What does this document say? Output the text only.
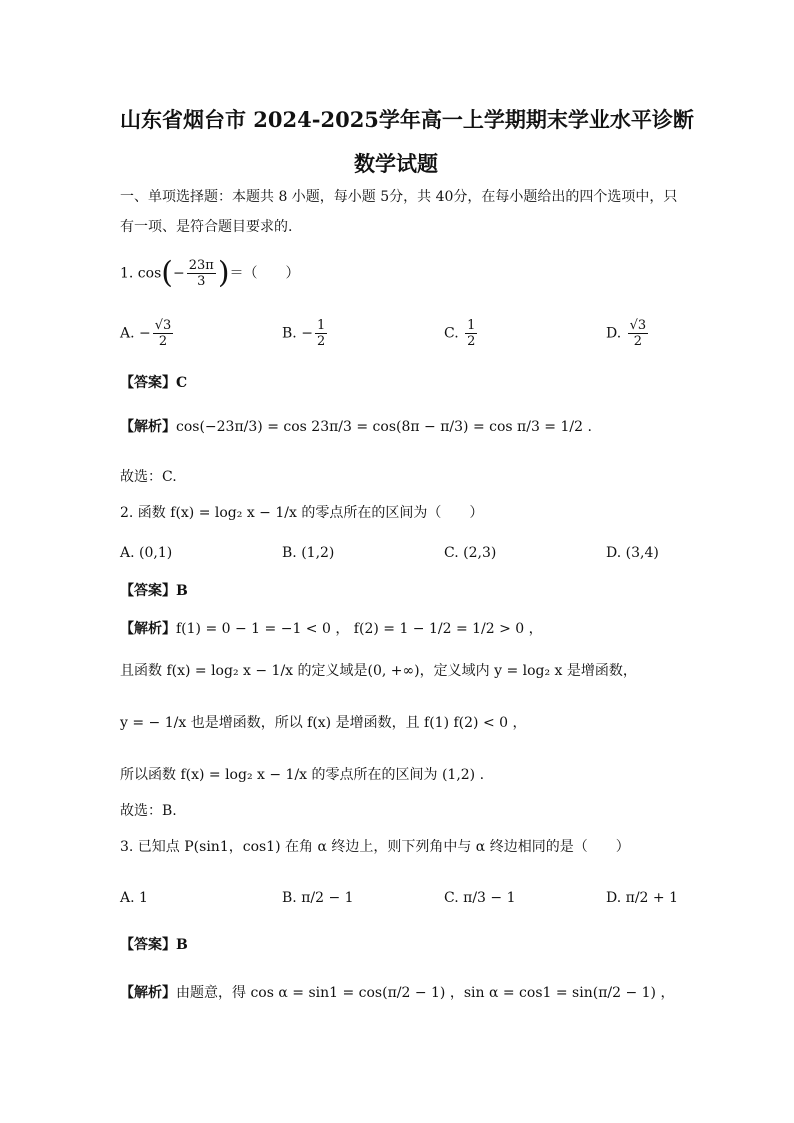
山东省烟台市 2024-2025学年高一上学期期末学业水平诊断
数学试题
一、单项选择题：本题共 8 小题，每小题 5分，共 40分，在每小题给出的四个选项中，只
有一项、是符合题目要求的.
1. $\cos(- \frac{23\pi}{3}$ )＝（　　）
A. − $\frac{√3}{2}$	B. − $\frac{1}{2}$	C. $\frac{1}{2}$	D. $\frac{√3}{2}$
【答案】C
【解析】cos(−23π/3) = cos 23π/3 = cos(8π − π/3) = cos π/3 = 1/2 .
故选：C.
2. 函数 f(x) = log₂ x − 1/x 的零点所在的区间为（　　）
A. (0,1)	B. (1,2)	C. (2,3)	D. (3,4)
【答案】B
【解析】f(1) = 0 − 1 = −1 < 0 ， f(2) = 1 − 1/2 = 1/2 > 0 ，
且函数 f(x) = log₂ x − 1/x 的定义域是(0, +∞)，定义域内 y = log₂ x 是增函数，
y = − 1/x 也是增函数，所以 f(x) 是增函数，且 f(1) f(2) < 0 ，
所以函数 f(x) = log₂ x − 1/x 的零点所在的区间为 (1,2) .
故选：B.
3. 已知点 P(sin1，cos1) 在角 α 终边上，则下列角中与 α 终边相同的是（　　）
A. 1	B. π/2 − 1	C. π/3 − 1	D. π/2 + 1
【答案】B
【解析】由题意，得 cos α = sin1 = cos(π/2 − 1) ，sin α = cos1 = sin(π/2 − 1) ，
